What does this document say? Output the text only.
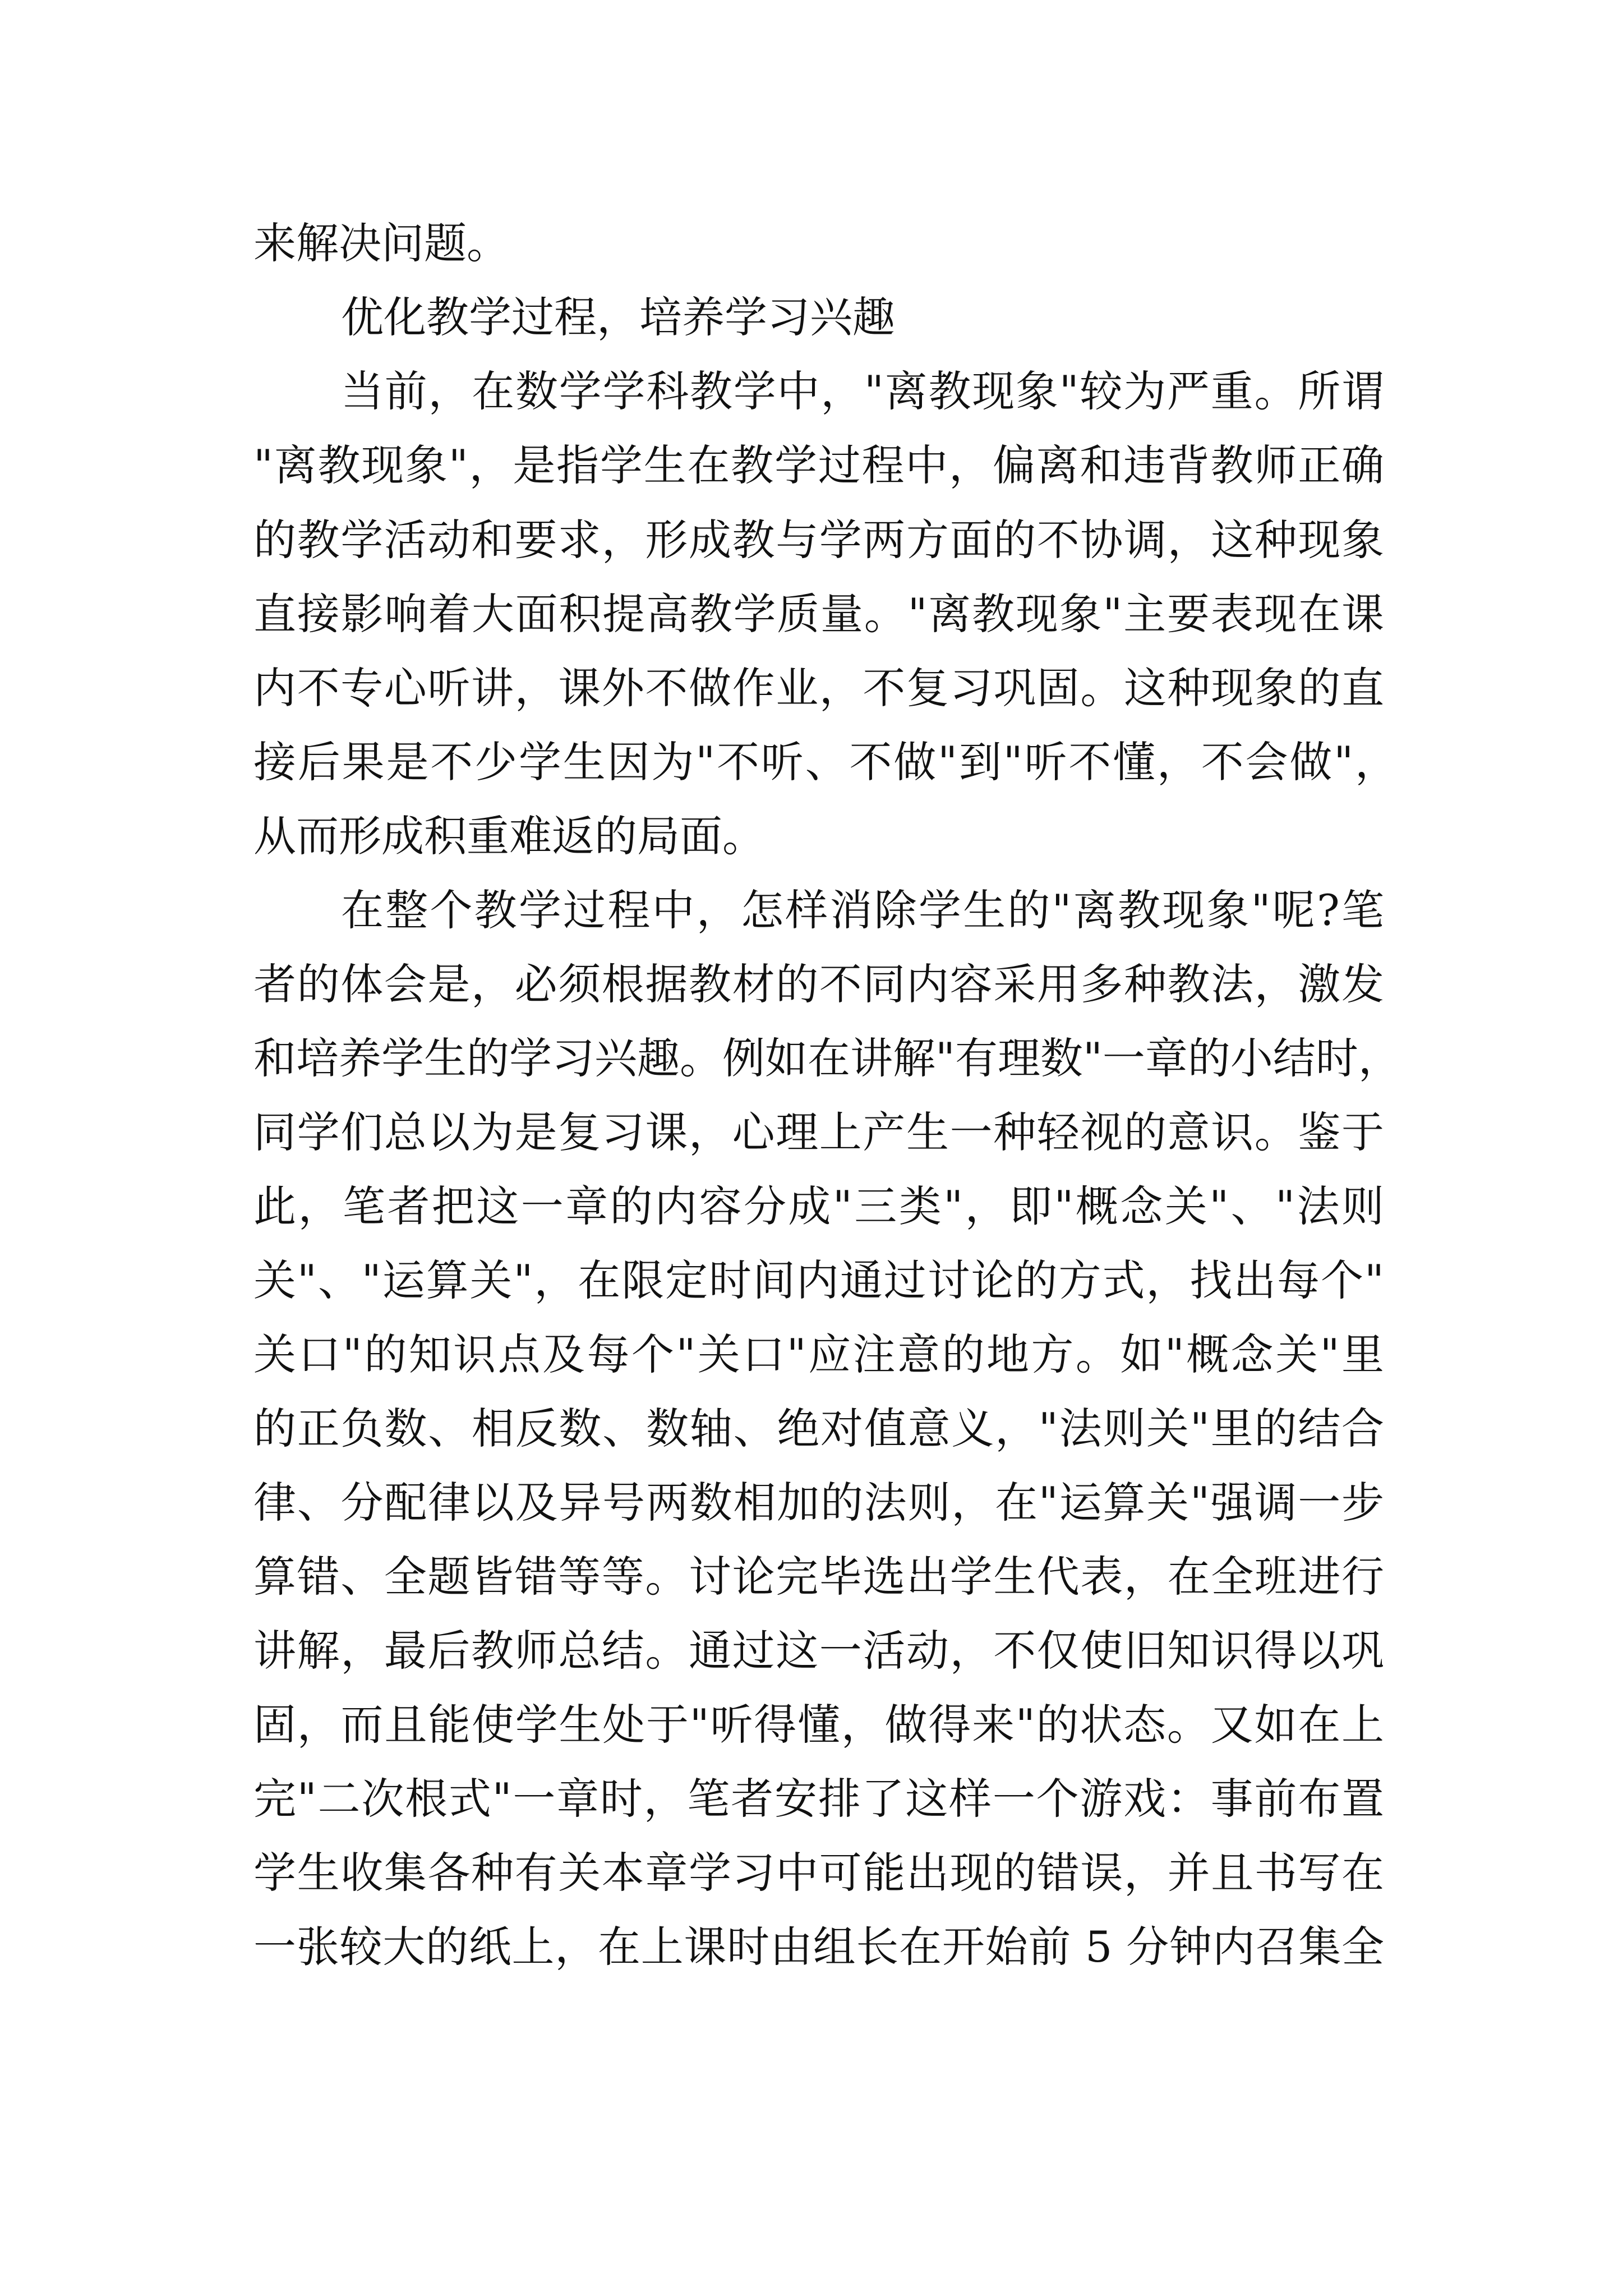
来解决问题。
优化教学过程，培养学习兴趣
当前，在数学学科教学中，"离教现象"较为严重。所谓
"离教现象"，是指学生在教学过程中，偏离和违背教师正确
的教学活动和要求，形成教与学两方面的不协调，这种现象
直接影响着大面积提高教学质量。"离教现象"主要表现在课
内不专心听讲，课外不做作业，不复习巩固。这种现象的直
接后果是不少学生因为"不听、不做"到"听不懂，不会做"，
从而形成积重难返的局面。
在整个教学过程中，怎样消除学生的"离教现象"呢?笔
者的体会是，必须根据教材的不同内容采用多种教法，激发
和培养学生的学习兴趣。例如在讲解"有理数"一章的小结时，
同学们总以为是复习课，心理上产生一种轻视的意识。鉴于
此，笔者把这一章的内容分成"三类"，即"概念关"、"法则
关"、"运算关"，在限定时间内通过讨论的方式，找出每个"
关口"的知识点及每个"关口"应注意的地方。如"概念关"里
的正负数、相反数、数轴、绝对值意义，"法则关"里的结合
律、分配律以及异号两数相加的法则，在"运算关"强调一步
算错、全题皆错等等。讨论完毕选出学生代表，在全班进行
讲解，最后教师总结。通过这一活动，不仅使旧知识得以巩
固，而且能使学生处于"听得懂，做得来"的状态。又如在上
完"二次根式"一章时，笔者安排了这样一个游戏：事前布置
学生收集各种有关本章学习中可能出现的错误，并且书写在
一张较大的纸上，在上课时由组长在开始前 5 分钟内召集全
